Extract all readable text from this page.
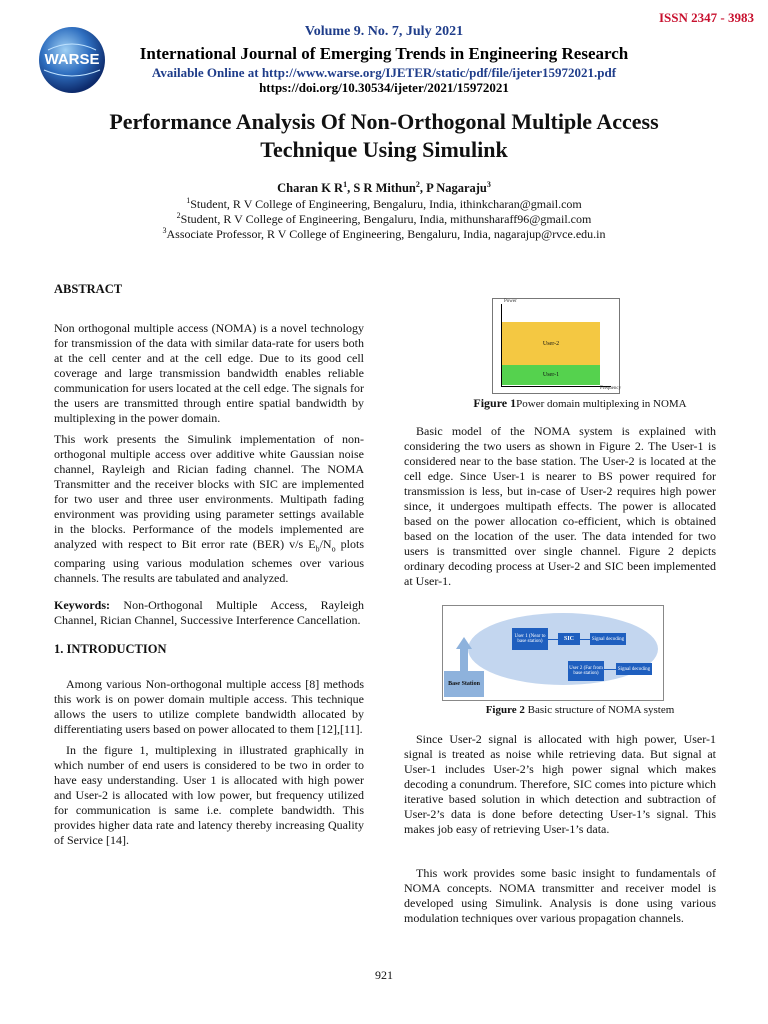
WARSE
ISSN 2347 - 3983
Volume 9. No. 7, July 2021
International Journal of Emerging Trends in Engineering Research
Available Online at http://www.warse.org/IJETER/static/pdf/file/ijeter15972021.pdf
https://doi.org/10.30534/ijeter/2021/15972021
Performance Analysis Of Non-Orthogonal Multiple Access Technique Using Simulink
Charan K $R^1$, S R Mithun$^2$, P Nagaraju$^3$
$^1$Student, R V College of Engineering, Bengaluru, India, ithinkcharan@gmail.com
$^2$Student, R V College of Engineering, Bengaluru, India, mithunsharaff96@gmail.com
$^3$Associate Professor, R V College of Engineering, Bengaluru, India, nagarajup@rvce.edu.in

ABSTRACT

Non orthogonal multiple access (NOMA) is a novel technology for transmission of the data with similar data-rate for users both at the cell center and at the cell edge. Due to its good cell coverage and large transmission bandwidth enables reliable communication for users located at the cell edge. The signals for the users are transmitted through entire spatial bandwidth by multiplexing in the power domain.

This work presents the Simulink implementation of non-orthogonal multiple access over additive white Gaussian noise channel, Rayleigh and Rician fading channel. The NOMA Transmitter and the receiver blocks with SIC are implemented for two user and three user environments. Multipath fading environment was providing using parameter settings available in the blocks. Performance of the models implemented are analyzed with respect to Bit error rate (BER) v/s $E_b/N_o$ plots comparing using various modulation schemes over various channels. The results are tabulated and analyzed.

Keywords: Non-Orthogonal Multiple Access, Rayleigh Channel, Rician Channel, Successive Interference Cancellation.

1. INTRODUCTION

Among various Non-orthogonal multiple access [8] methods this work is on power domain multiple access. This technique allows the users to utilize complete bandwidth allocated by differentiating users based on power allocated to them [12],[11].

In the figure 1, multiplexing in illustrated graphically in which number of end users is considered to be two in order to have easy understanding. User 1 is allocated with high power and User-2 is allocated with low power, but frequency utilized for communication is same i.e. complete bandwidth. This provides higher data rate and latency thereby increasing Quality of Service [14].

Power
Frequency
User-2
User-1
Figure 1Power domain multiplexing in NOMA

Basic model of the NOMA system is explained with considering the two users as shown in Figure 2. The User-1 is considered near to the base station. The User-2 is located at the cell edge. Since User-1 is nearer to BS power required for transmission is less, but in-case of User-2 requires high power since, it undergoes multipath effects. The power is allocated based on the power allocation co-efficient, which is obtained based on the location of the user. The data intended for two users is transmitted over single channel. Figure 2 depicts ordinary decoding process at User-2 and SIC been implemented at User-1.

Base Station
User 1 (Near to base station)	SIC	Signal decoding
User 2 (Far from base station)
Signal decoding
Figure 2 Basic structure of NOMA system

Since User-2 signal is allocated with high power, User-1 signal is treated as noise while retrieving data. But signal at User-1 includes User-2’s high power signal which makes decoding a conundrum. Therefore, SIC comes into picture which iterative based solution in which detection and subtraction of User-2’s data is done before detecting User-1’s signal. This makes job easy of retrieving User-1’s data.

This work provides some basic insight to fundamentals of NOMA concepts. NOMA transmitter and receiver model is developed using Simulink. Analysis is done using various modulation techniques over various propagation channels.

921
